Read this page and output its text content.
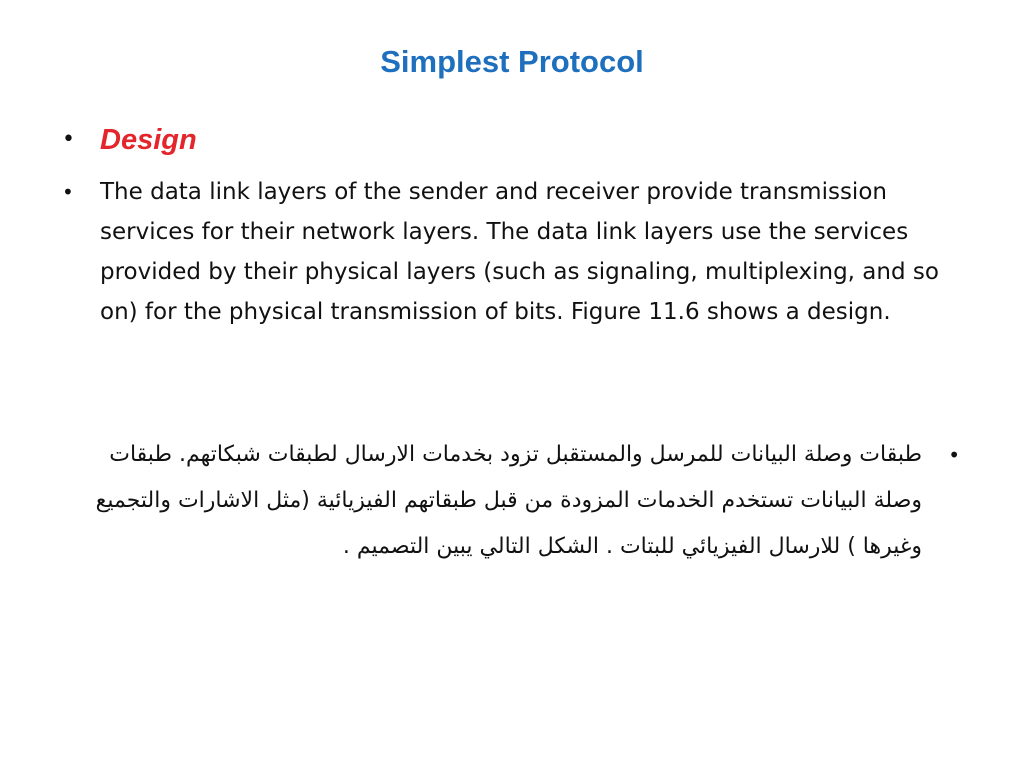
Simplest Protocol
• Design
• The data link layers of the sender and receiver provide transmission services for their network layers. The data link layers use the services provided by their physical layers (such as signaling, multiplexing, and so on) for the physical transmission of bits. Figure 11.6 shows a design.
•
طبقات وصلة البيانات للمرسل والمستقبل تزود بخدمات الارسال لطبقات شبكاتهم. طبقات وصلة البيانات تستخدم الخدمات المزودة من قبل طبقاتهم الفيزيائية (مثل الاشارات والتجميع وغيرها ) للارسال الفيزيائي للبتات . الشكل التالي يبين التصميم .
